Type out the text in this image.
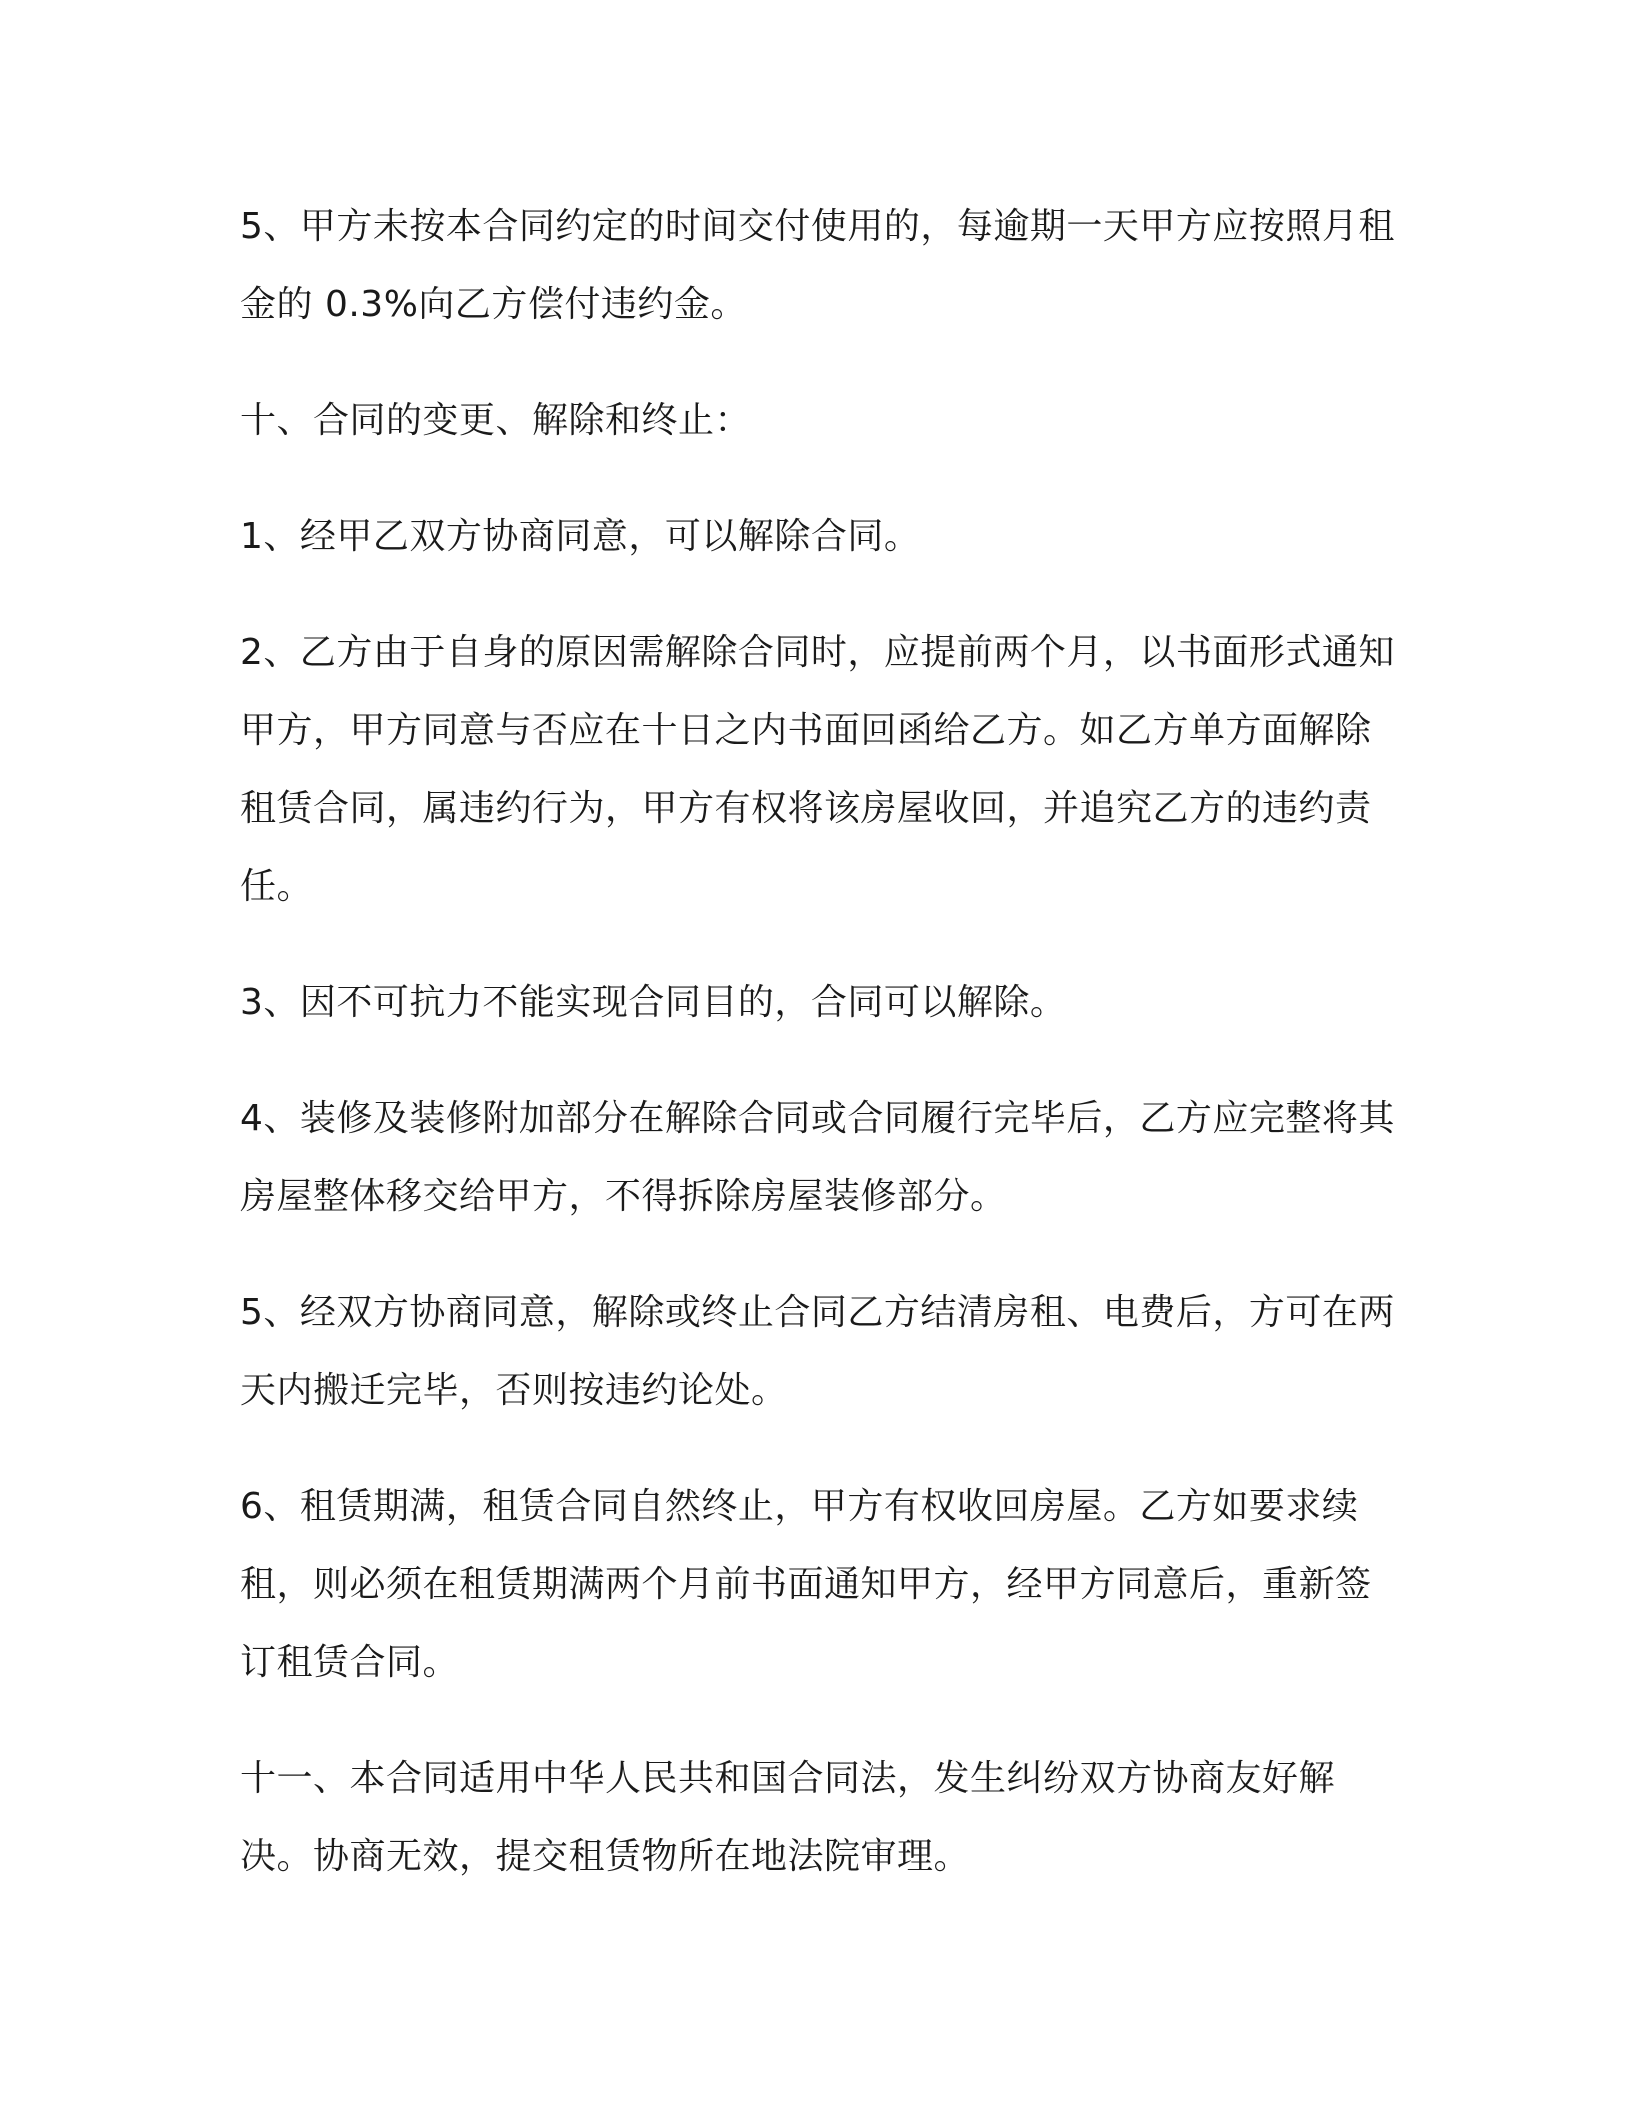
5、甲方未按本合同约定的时间交付使用的，每逾期一天甲方应按照月租金的 0.3%向乙方偿付违约金。

十、合同的变更、解除和终止：

1、经甲乙双方协商同意，可以解除合同。

2、乙方由于自身的原因需解除合同时，应提前两个月，以书面形式通知甲方，甲方同意与否应在十日之内书面回函给乙方。如乙方单方面解除租赁合同，属违约行为，甲方有权将该房屋收回，并追究乙方的违约责任。

3、因不可抗力不能实现合同目的，合同可以解除。

4、装修及装修附加部分在解除合同或合同履行完毕后，乙方应完整将其房屋整体移交给甲方，不得拆除房屋装修部分。

5、经双方协商同意，解除或终止合同乙方结清房租、电费后，方可在两天内搬迁完毕，否则按违约论处。

6、租赁期满，租赁合同自然终止，甲方有权收回房屋。乙方如要求续租，则必须在租赁期满两个月前书面通知甲方，经甲方同意后，重新签订租赁合同。

十一、本合同适用中华人民共和国合同法，发生纠纷双方协商友好解决。协商无效，提交租赁物所在地法院审理。
